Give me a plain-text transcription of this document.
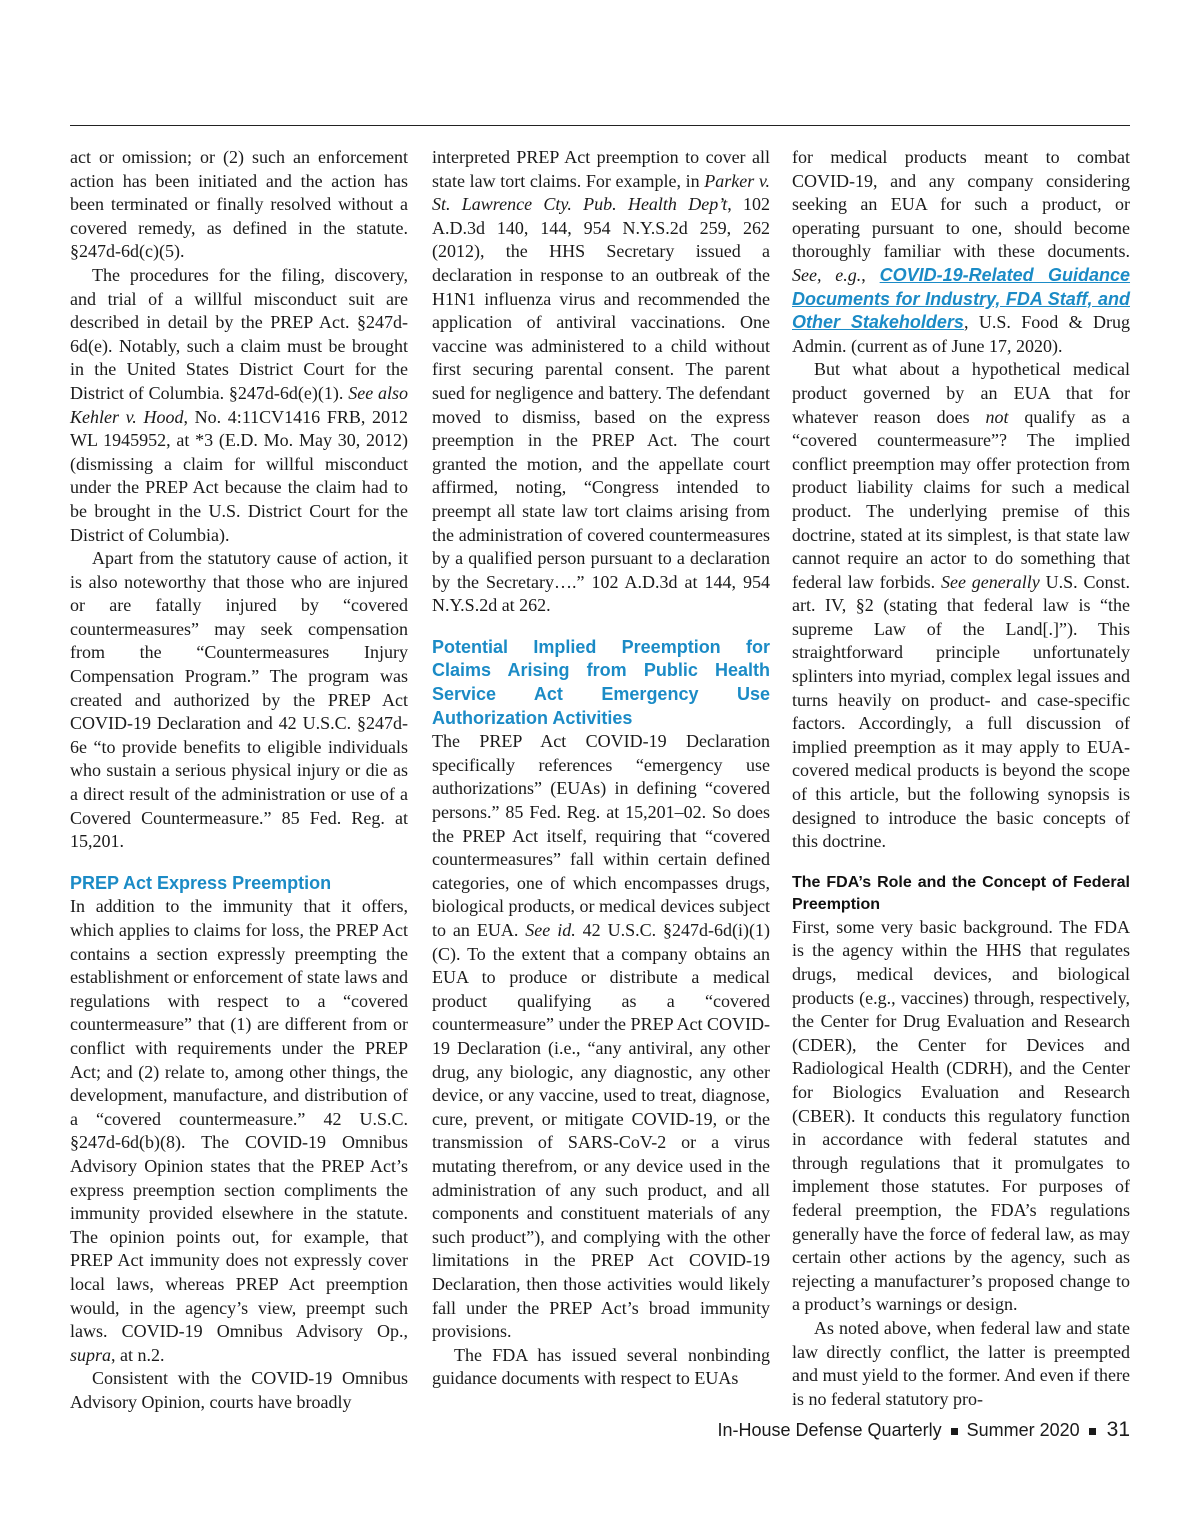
act or omission; or (2) such an enforcement action has been initiated and the action has been terminated or finally resolved without a covered remedy, as defined in the statute. §247d-6d(c)(5).

The procedures for the filing, discovery, and trial of a willful misconduct suit are described in detail by the PREP Act. §247d-6d(e). Notably, such a claim must be brought in the United States District Court for the District of Columbia. §247d-6d(e)(1). See also Kehler v. Hood, No. 4:11CV1416 FRB, 2012 WL 1945952, at *3 (E.D. Mo. May 30, 2012) (dismissing a claim for willful misconduct under the PREP Act because the claim had to be brought in the U.S. District Court for the District of Columbia).

Apart from the statutory cause of action, it is also noteworthy that those who are injured or are fatally injured by “covered countermeasures” may seek compensation from the “Countermeasures Injury Compensation Program.” The program was created and authorized by the PREP Act COVID-19 Declaration and 42 U.S.C. §247d-6e “to provide benefits to eligible individuals who sustain a serious physical injury or die as a direct result of the administration or use of a Covered Countermeasure.” 85 Fed. Reg. at 15,201.

PREP Act Express Preemption

In addition to the immunity that it offers, which applies to claims for loss, the PREP Act contains a section expressly preempting the establishment or enforcement of state laws and regulations with respect to a “covered countermeasure” that (1) are different from or conflict with requirements under the PREP Act; and (2) relate to, among other things, the development, manufacture, and distribution of a “covered countermeasure.” 42 U.S.C. §247d-6d(b)(8). The COVID-19 Omnibus Advisory Opinion states that the PREP Act’s express preemption section compliments the immunity provided elsewhere in the statute. The opinion points out, for example, that PREP Act immunity does not expressly cover local laws, whereas PREP Act preemption would, in the agency’s view, preempt such laws. COVID-19 Omnibus Advisory Op., supra, at n.2.

Consistent with the COVID-19 Omnibus Advisory Opinion, courts have broadly

interpreted PREP Act preemption to cover all state law tort claims. For example, in Parker v. St. Lawrence Cty. Pub. Health Dep’t, 102 A.D.3d 140, 144, 954 N.Y.S.2d 259, 262 (2012), the HHS Secretary issued a declaration in response to an outbreak of the H1N1 influenza virus and recommended the application of antiviral vaccinations. One vaccine was administered to a child without first securing parental consent. The parent sued for negligence and battery. The defendant moved to dismiss, based on the express preemption in the PREP Act. The court granted the motion, and the appellate court affirmed, noting, “Congress intended to preempt all state law tort claims arising from the administration of covered countermeasures by a qualified person pursuant to a declaration by the Secretary….” 102 A.D.3d at 144, 954 N.Y.S.2d at 262.

Potential Implied Preemption for Claims Arising from Public Health Service Act Emergency Use Authorization Activities

The PREP Act COVID-19 Declaration specifically references “emergency use authorizations” (EUAs) in defining “covered persons.” 85 Fed. Reg. at 15,201–02. So does the PREP Act itself, requiring that “covered countermeasures” fall within certain defined categories, one of which encompasses drugs, biological products, or medical devices subject to an EUA. See id. 42 U.S.C. §247d-6d(i)(1)(C). To the extent that a company obtains an EUA to produce or distribute a medical product qualifying as a “covered countermeasure” under the PREP Act COVID-19 Declaration (i.e., “any antiviral, any other drug, any biologic, any diagnostic, any other device, or any vaccine, used to treat, diagnose, cure, prevent, or mitigate COVID-19, or the transmission of SARS-CoV-2 or a virus mutating therefrom, or any device used in the administration of any such product, and all components and constituent materials of any such product”), and complying with the other limitations in the PREP Act COVID-19 Declaration, then those activities would likely fall under the PREP Act’s broad immunity provisions.

The FDA has issued several nonbinding guidance documents with respect to EUAs

for medical products meant to combat COVID-19, and any company considering seeking an EUA for such a product, or operating pursuant to one, should become thoroughly familiar with these documents. See, e.g., COVID-19-Related Guidance Documents for Industry, FDA Staff, and Other Stakeholders, U.S. Food & Drug Admin. (current as of June 17, 2020).

But what about a hypothetical medical product governed by an EUA that for whatever reason does not qualify as a “covered countermeasure”? The implied conflict preemption may offer protection from product liability claims for such a medical product. The underlying premise of this doctrine, stated at its simplest, is that state law cannot require an actor to do something that federal law forbids. See generally U.S. Const. art. IV, §2 (stating that federal law is “the supreme Law of the Land[.]”). This straightforward principle unfortunately splinters into myriad, complex legal issues and turns heavily on product- and case-specific factors. Accordingly, a full discussion of implied preemption as it may apply to EUA-covered medical products is beyond the scope of this article, but the following synopsis is designed to introduce the basic concepts of this doctrine.

The FDA’s Role and the Concept of Federal Preemption

First, some very basic background. The FDA is the agency within the HHS that regulates drugs, medical devices, and biological products (e.g., vaccines) through, respectively, the Center for Drug Evaluation and Research (CDER), the Center for Devices and Radiological Health (CDRH), and the Center for Biologics Evaluation and Research (CBER). It conducts this regulatory function in accordance with federal statutes and through regulations that it promulgates to implement those statutes. For purposes of federal preemption, the FDA’s regulations generally have the force of federal law, as may certain other actions by the agency, such as rejecting a manufacturer’s proposed change to a product’s warnings or design.

As noted above, when federal law and state law directly conflict, the latter is preempted and must yield to the former. And even if there is no federal statutory pro-

In-House Defense Quarterly Summer 2020 31
